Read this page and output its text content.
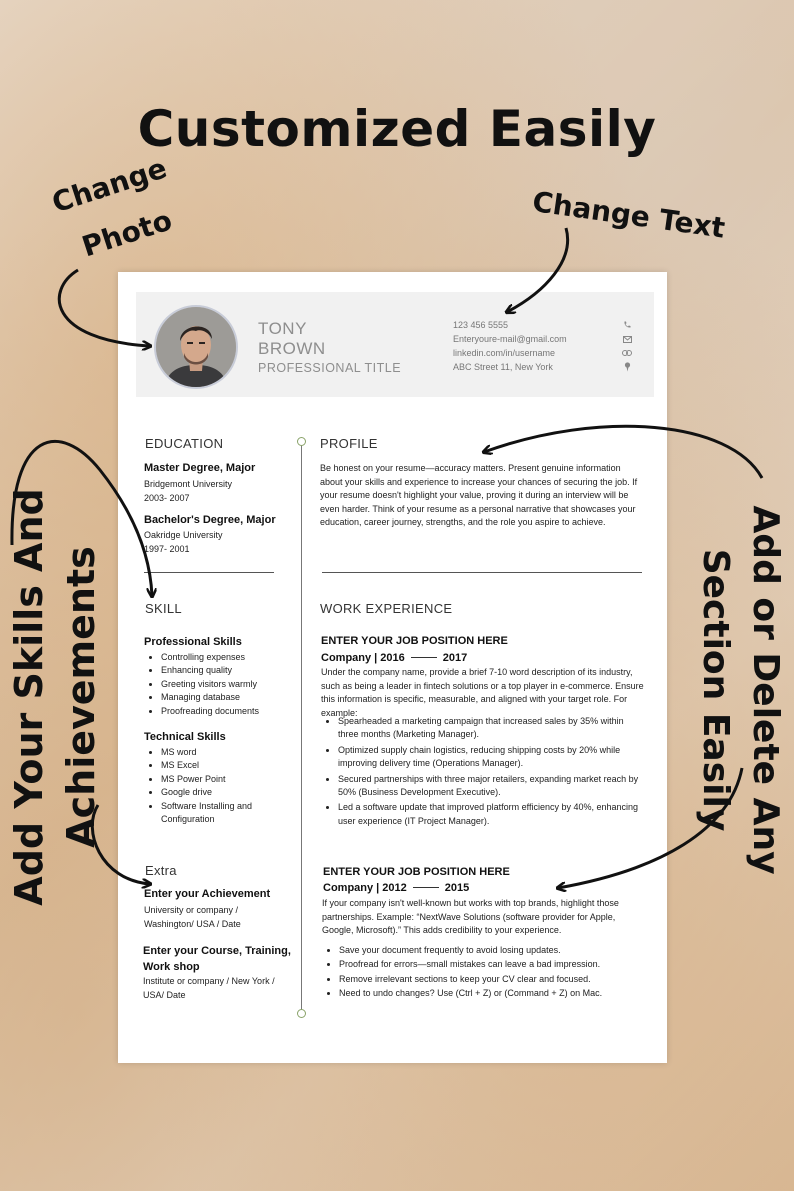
Customized Easily
Change
Photo	Change Text
Add Your Skills And Achievements	Add or Delete Any
Section Easily
TONY
BROWN
PROFESSIONAL TITLE
123 456 5555
Enteryoure-mail@gmail.com
linkedin.com/in/username
ABC Street 11, New York
EDUCATION
Master Degree, Major
Bridgemont University
2003- 2007
Bachelor's Degree, Major
Oakridge University
1997- 2001
SKILL
Professional Skills
• Controlling expenses
• Enhancing quality
• Greeting visitors warmly
• Managing database
• Proofreading documents
Technical Skills
• MS word
• MS Excel
• MS Power Point
• Google drive
• Software Installing and Configuration
Extra
Enter your Achievement
University or company / Washington/ USA / Date
Enter your Course, Training, Work shop
Institute or company / New York / USA/ Date
PROFILE
Be honest on your resume—accuracy matters. Present genuine information about your skills and experience to increase your chances of securing the job. If your resume doesn't highlight your value, proving it during an interview will be even harder. Think of your resume as a personal narrative that showcases your education, career journey, strengths, and the role you aspire to achieve.
WORK EXPERIENCE
ENTER YOUR JOB POSITION HERE
Company | 2016	2017
Under the company name, provide a brief 7-10 word description of its industry, such as being a leader in fintech solutions or a top player in e-commerce. Ensure this information is specific, measurable, and aligned with your target role. For example:
• Spearheaded a marketing campaign that increased sales by 35% within three months (Marketing Manager).
• Optimized supply chain logistics, reducing shipping costs by 20% while improving delivery time (Operations Manager).
• Secured partnerships with three major retailers, expanding market reach by 50% (Business Development Executive).
• Led a software update that improved platform efficiency by 40%, enhancing user experience (IT Project Manager).
ENTER YOUR JOB POSITION HERE
Company | 2012	2015
If your company isn't well-known but works with top brands, highlight those partnerships. Example: “NextWave Solutions (software provider for Apple, Google, Microsoft).” This adds credibility to your experience.
• Save your document frequently to avoid losing updates.
• Proofread for errors—small mistakes can leave a bad impression.
• Remove irrelevant sections to keep your CV clear and focused.
• Need to undo changes? Use (Ctrl + Z) or (Command + Z) on Mac.
